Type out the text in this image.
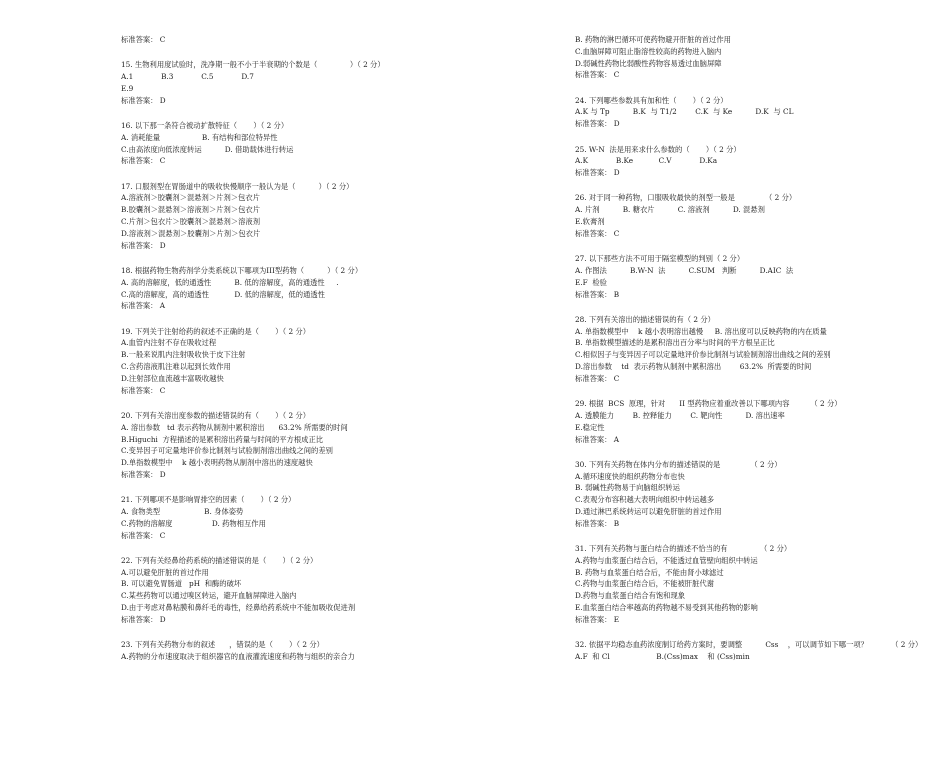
标准答案： C
15. 生物利用度试验时，洗净期一般不小于半衰期的个数是（              ）（ 2 分）
A.1            B.3            C.5            D.7
E.9
标准答案： D
16. 以下那一条符合被动扩散特征（       ）（ 2 分）
A. 消耗能量                  B. 有结构和部位特异性
C.由高浓度向低浓度转运          D. 借助载体进行转运
标准答案： C
17. 口服剂型在胃肠道中的吸收快慢顺序一般认为是（          ）（ 2 分）
A.溶液剂＞胶囊剂＞混悬剂＞片剂＞包衣片
B.胶囊剂＞混悬剂＞溶液剂＞片剂＞包衣片
C.片剂＞包衣片＞胶囊剂＞混悬剂＞溶液剂
D.溶液剂＞混悬剂＞胶囊剂＞片剂＞包衣片
标准答案： D
18. 根据药物生物药剂学分类系统以下哪项为III型药物（          ）（ 2 分）
A. 高的溶解度，低的通透性          B. 低的溶解度，高的通透性     .
C.高的溶解度，高的通透性           D. 低的溶解度，低的通透性
标准答案： A
19. 下列关于注射给药的叙述不正确的是（       ）（ 2 分）
A.血管内注射不存在吸收过程
B.一般来说肌内注射吸收快于皮下注射
C.含药溶液肌注难以起到长效作用
D.注射部位血流越丰富吸收越快
标准答案： C
20. 下列有关溶出度参数的描述错误的有（       ）（ 2 分）
A. 溶出参数   td 表示药物从制剂中累积溶出      63.2% 所需要的时间
B.Higuchi  方程描述的是累积溶出药量与时间的平方根成正比
C.变异因子可定量地评价参比制剂与试验制剂溶出曲线之间的差别
D.单指数模型中    k 越小表明药物从制剂中溶出的速度越快
标准答案： D
21. 下列哪项不是影响胃排空的因素（       ）（ 2 分）
A. 食物类型                   B. 身体姿势
C.药物的溶解度                 D. 药物相互作用
标准答案： C
22. 下列有关经鼻给药系统的描述错误的是（       ）（ 2 分）
A.可以避免肝脏的首过作用
B. 可以避免胃肠道   pH  和酶的破坏
C.某些药物可以通过嗅区转运，避开血脑屏障进入脑内
D.由于考虑对鼻粘膜和鼻纤毛的毒性，经鼻给药系统中不能加吸收促进剂
标准答案： D
23. 下列有关药物分布的叙述      ，错误的是（       ）（ 2 分）
A.药物的分布速度取决于组织器官的血液灌流速度和药物与组织的亲合力
B. 药物的淋巴循环可使药物避开肝脏的首过作用
C.血脑屏障可阻止脂溶性较高的药物进入脑内
D.弱碱性药物比弱酸性药物容易透过血脑屏障
标准答案： C
24. 下列哪些参数具有加和性（       ）（ 2 分）
A.K 与 Tp          B.K  与 T1/2        C.K  与 Ke          D.K  与 CL
标准答案： D
25. W-N  法是用来求什么参数的（       ）（ 2 分）
A.K            B.Ke           C.V            D.Ka
标准答案： D
26. 对于同一种药物，口服吸收最快的剂型一般是             （ 2 分）
A. 片剂          B. 糖衣片          C. 溶液剂          D. 混悬剂
E.软膏剂
标准答案： C
27. 以下那些方法不可用于隔室模型的判别（ 2 分）
A. 作图法          B.W-N  法          C.SUM   判断          D.AIC  法
E.F  检验
标准答案： B
28. 下列有关溶出的描述错误的有（ 2 分）
A. 单指数模型中    k 越小表明溶出越慢     B. 溶出度可以反映药物的内在质量
B. 单指数模型描述的是累积溶出百分率与时间的平方根呈正比
C.相似因子与变异因子可以定量地评价参比制剂与试验制剂溶出曲线之间的差别
D.溶出参数    td  表示药物从制剂中累积溶出        63.2%  所需要的时间
标准答案： C
29. 根据  BCS  原理，针对      II 型药物应着重改善以下哪项内容         （ 2 分）
A. 透膜能力        B. 控释能力        C. 靶向性          D. 溶出速率
E.稳定性
标准答案： A
30. 下列有关药物在体内分布的描述错误的是             （ 2 分）
A.循环速度快的组织药物分布也快
B. 弱碱性药物易于向脑组织转运
C.表观分布容积越大表明向组织中转运越多
D.通过淋巴系统转运可以避免肝脏的首过作用
标准答案： B
31. 下列有关药物与蛋白结合的描述不恰当的有              （ 2 分）
A.药物与血浆蛋白结合后，不能透过血管壁向组织中转运
B. 药物与血浆蛋白结合后，不能由肾小球滤过
C.药物与血浆蛋白结合后，不能被肝脏代谢
D.药物与血浆蛋白结合有饱和现象
E.血浆蛋白结合率越高的药物越不易受到其他药物的影响
标准答案： E
32. 依据平均稳态血药浓度制订给药方案时，要调整          Css    ，可以调节如下哪一项？          （ 2 分）
A.F  和 Cl                    B.(Css)max    和 (Css)min
